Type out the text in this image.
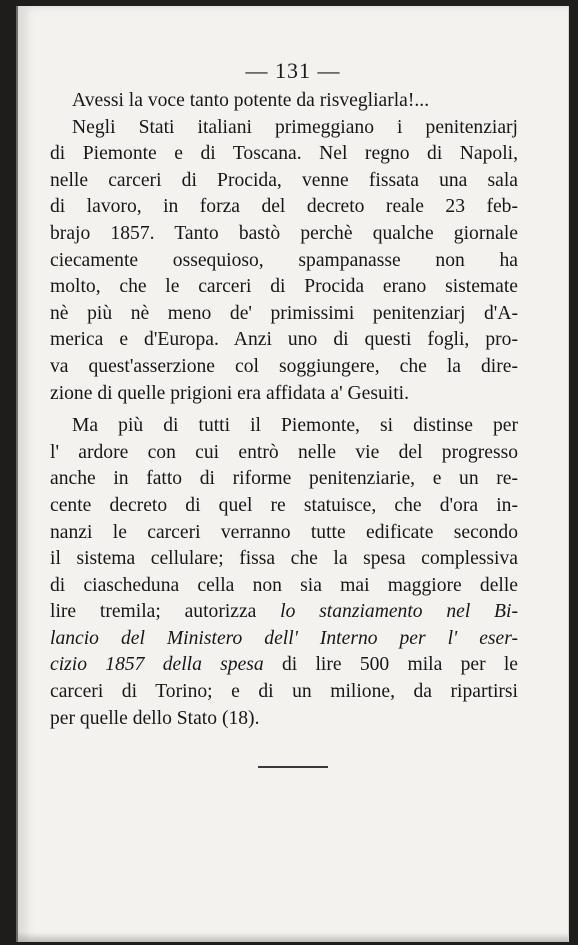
— 131 —
Avessi la voce tanto potente da risvegliarla!...
Negli Stati italiani primeggiano i penitenziarj
di Piemonte e di Toscana. Nel regno di Napoli,
nelle carceri di Procida, venne fissata una sala
di lavoro, in forza del decreto reale 23 feb-
brajo 1857. Tanto bastò perchè qualche giornale
ciecamente ossequioso, spampanasse non ha
molto, che le carceri di Procida erano sistemate
nè più nè meno de' primissimi penitenziarj d'A-
merica e d'Europa. Anzi uno di questi fogli, pro-
va quest'asserzione col soggiungere, che la dire-
zione di quelle prigioni era affidata a' Gesuiti.
Ma più di tutti il Piemonte, si distinse per
l' ardore con cui entrò nelle vie del progresso
anche in fatto di riforme penitenziarie, e un re-
cente decreto di quel re statuisce, che d'ora in-
nanzi le carceri verranno tutte edificate secondo
il sistema cellulare; fissa che la spesa complessiva
di ciascheduna cella non sia mai maggiore delle
lire tremila; autorizza lo stanziamento nel Bi-
lancio del Ministero dell' Interno per l' eser-
cizio 1857 della spesa di lire 500 mila per le
carceri di Torino; e di un milione, da ripartirsi
per quelle dello Stato (18).
